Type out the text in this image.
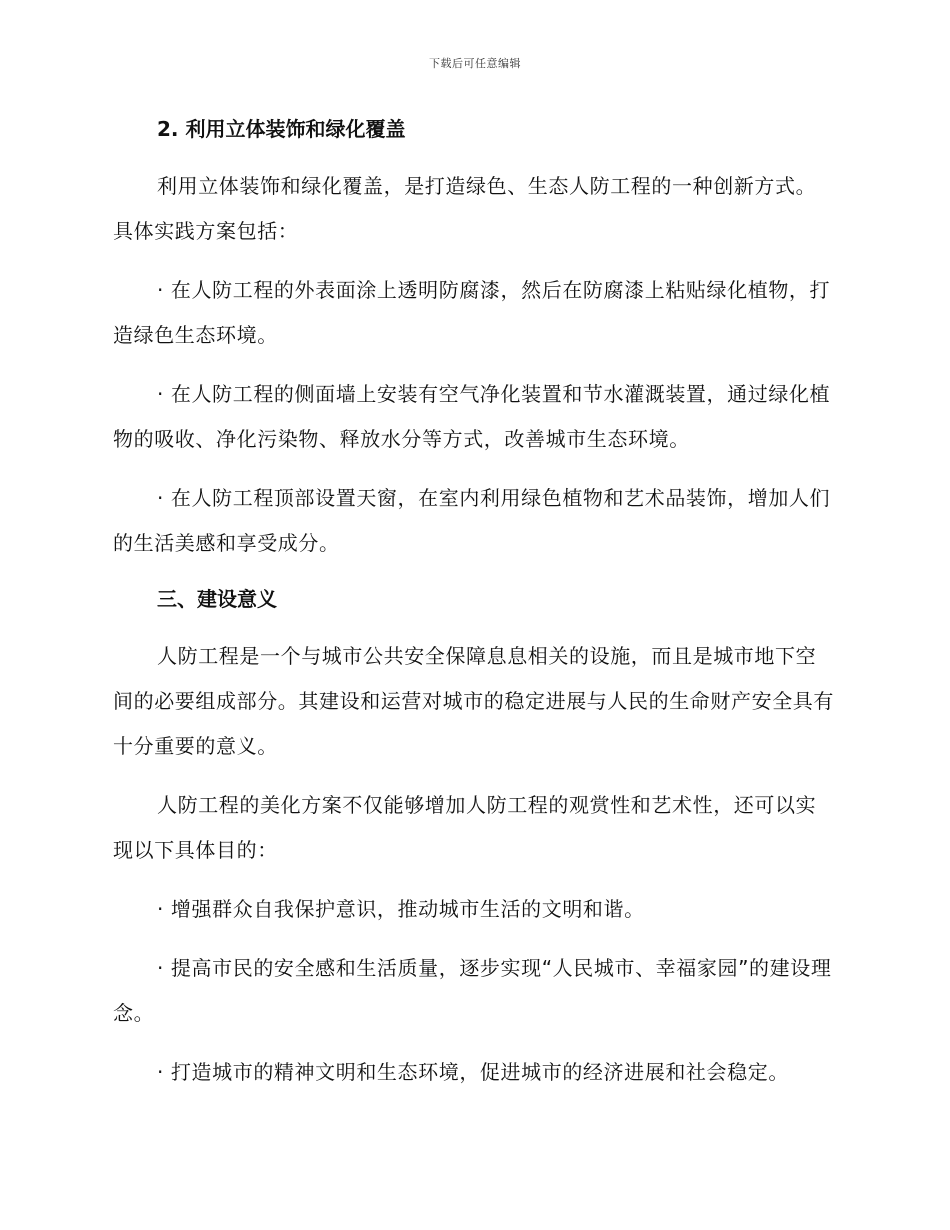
下载后可任意编辑
2. 利用立体装饰和绿化覆盖
利用立体装饰和绿化覆盖，是打造绿色、生态人防工程的一种创新方式。具体实践方案包括：
· 在人防工程的外表面涂上透明防腐漆，然后在防腐漆上粘贴绿化植物，打造绿色生态环境。
· 在人防工程的侧面墙上安装有空气净化装置和节水灌溉装置，通过绿化植物的吸收、净化污染物、释放水分等方式，改善城市生态环境。
· 在人防工程顶部设置天窗，在室内利用绿色植物和艺术品装饰，增加人们的生活美感和享受成分。
三、建设意义
人防工程是一个与城市公共安全保障息息相关的设施，而且是城市地下空间的必要组成部分。其建设和运营对城市的稳定进展与人民的生命财产安全具有十分重要的意义。
人防工程的美化方案不仅能够增加人防工程的观赏性和艺术性，还可以实现以下具体目的：
· 增强群众自我保护意识，推动城市生活的文明和谐。
· 提高市民的安全感和生活质量，逐步实现“人民城市、幸福家园”的建设理念。
· 打造城市的精神文明和生态环境，促进城市的经济进展和社会稳定。
